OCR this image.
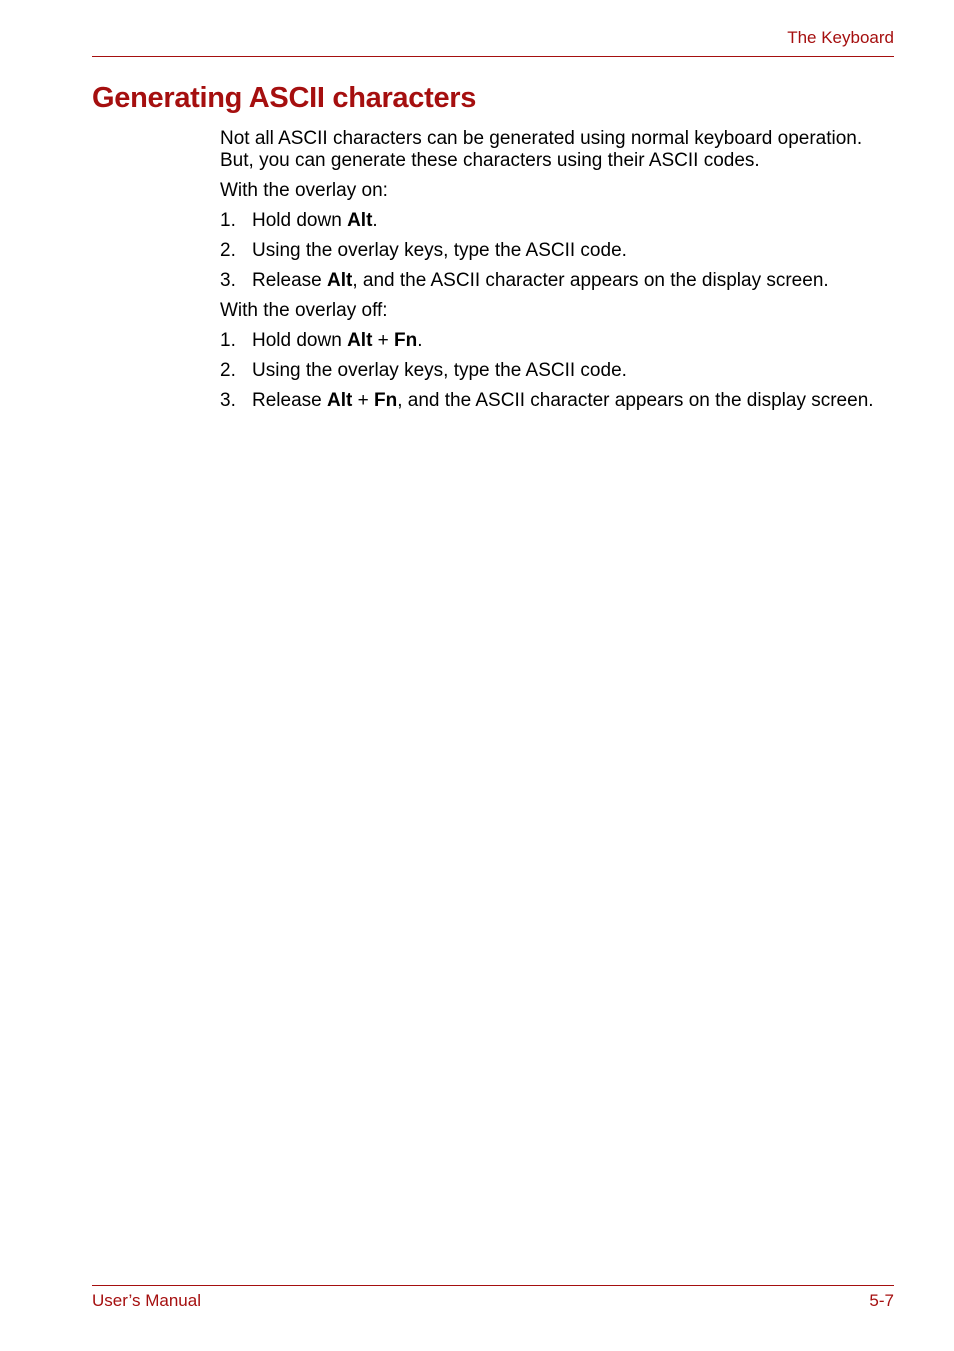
The Keyboard
Generating ASCII characters

Not all ASCII characters can be generated using normal keyboard operation. But, you can generate these characters using their ASCII codes.

With the overlay on:

1. Hold down Alt.
2. Using the overlay keys, type the ASCII code.
3. Release Alt, and the ASCII character appears on the display screen.

With the overlay off:

1. Hold down Alt + Fn.
2. Using the overlay keys, type the ASCII code.
3. Release Alt + Fn, and the ASCII character appears on the display screen.
User’s Manual	5-7
